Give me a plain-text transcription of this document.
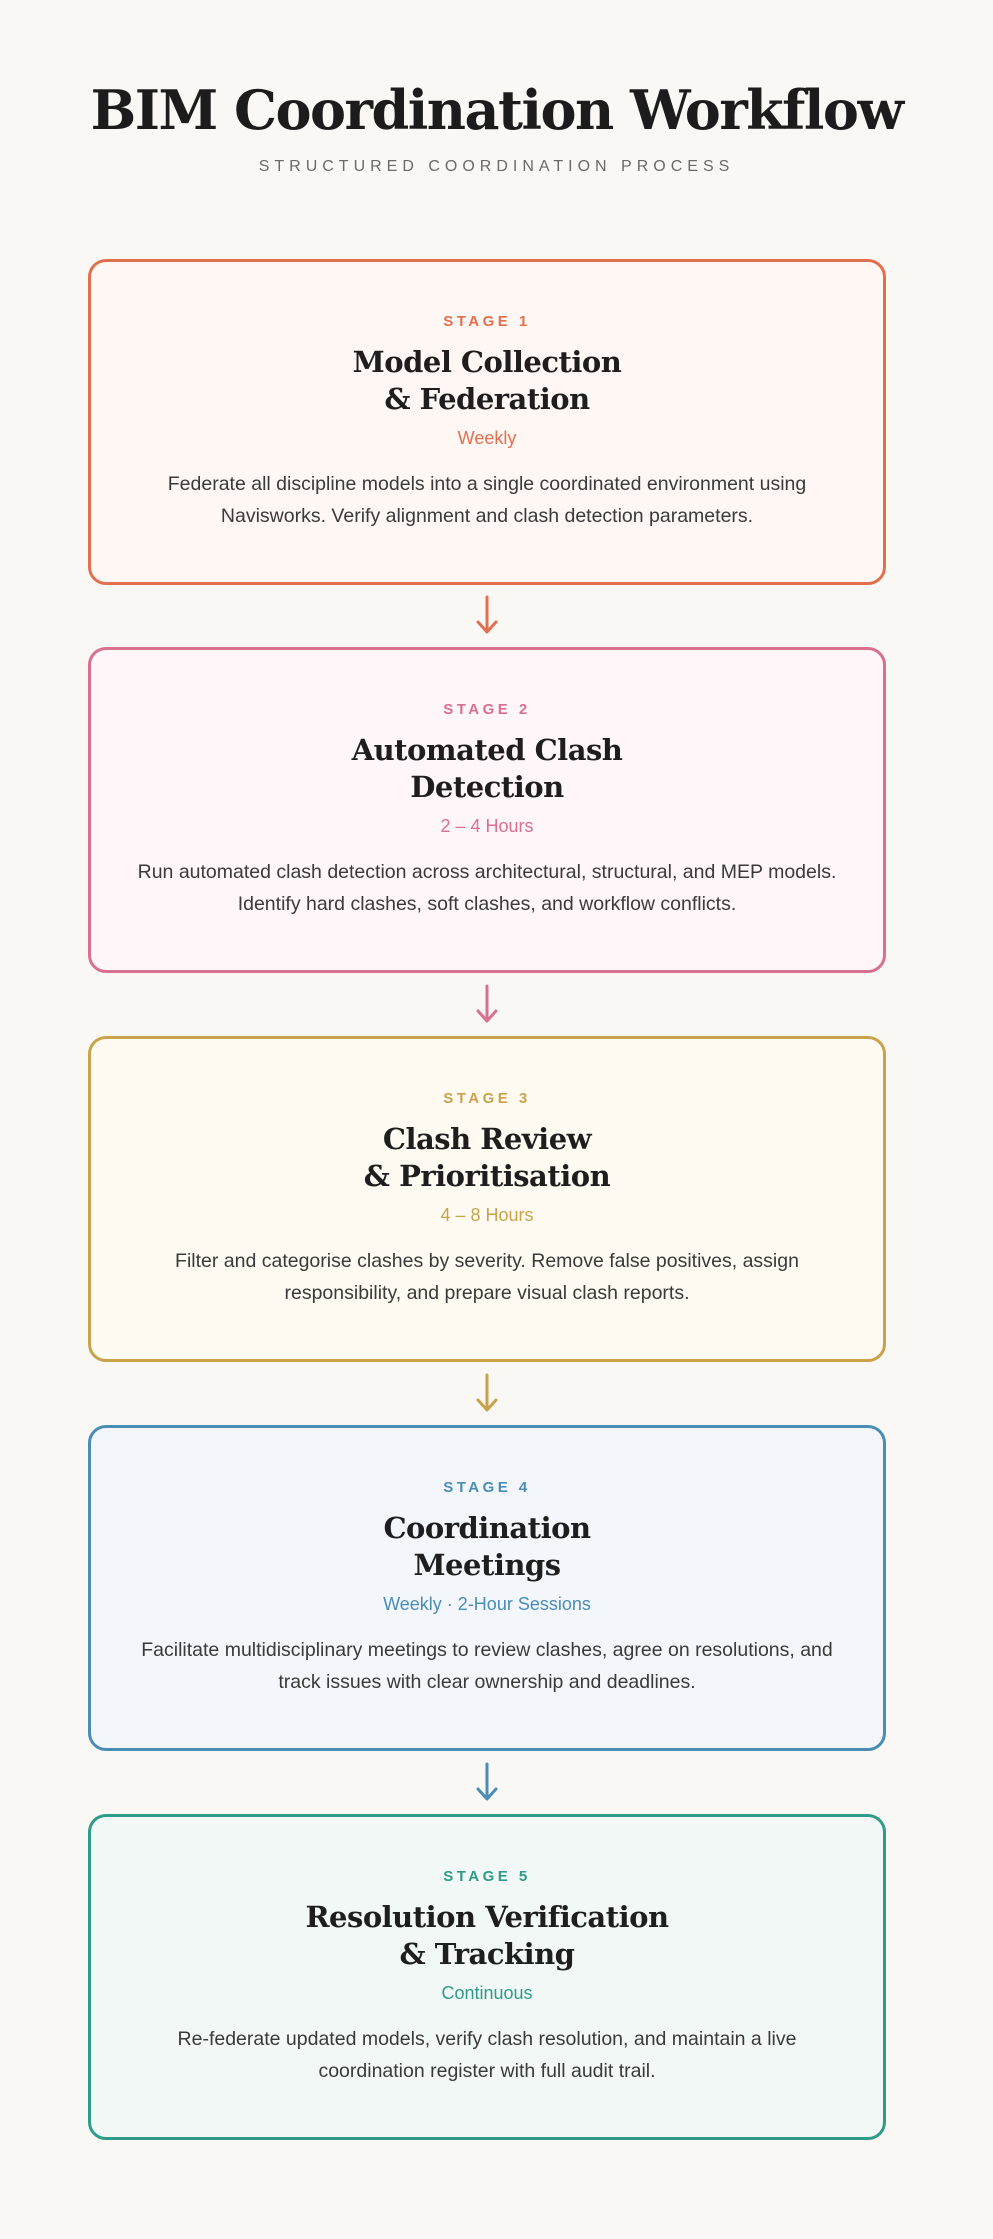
BIM Coordination Workflow
STRUCTURED COORDINATION PROCESS
STAGE 1
Model Collection
& Federation
Weekly
Federate all discipline models into a single coordinated environment using Navisworks. Verify alignment and clash detection parameters.
STAGE 2
Automated Clash
Detection
2 – 4 Hours
Run automated clash detection across architectural, structural, and MEP models. Identify hard clashes, soft clashes, and workflow conflicts.
STAGE 3
Clash Review
& Prioritisation
4 – 8 Hours
Filter and categorise clashes by severity. Remove false positives, assign responsibility, and prepare visual clash reports.
STAGE 4
Coordination
Meetings
Weekly · 2-Hour Sessions
Facilitate multidisciplinary meetings to review clashes, agree on resolutions, and track issues with clear ownership and deadlines.
STAGE 5
Resolution Verification
& Tracking
Continuous
Re-federate updated models, verify clash resolution, and maintain a live coordination register with full audit trail.
